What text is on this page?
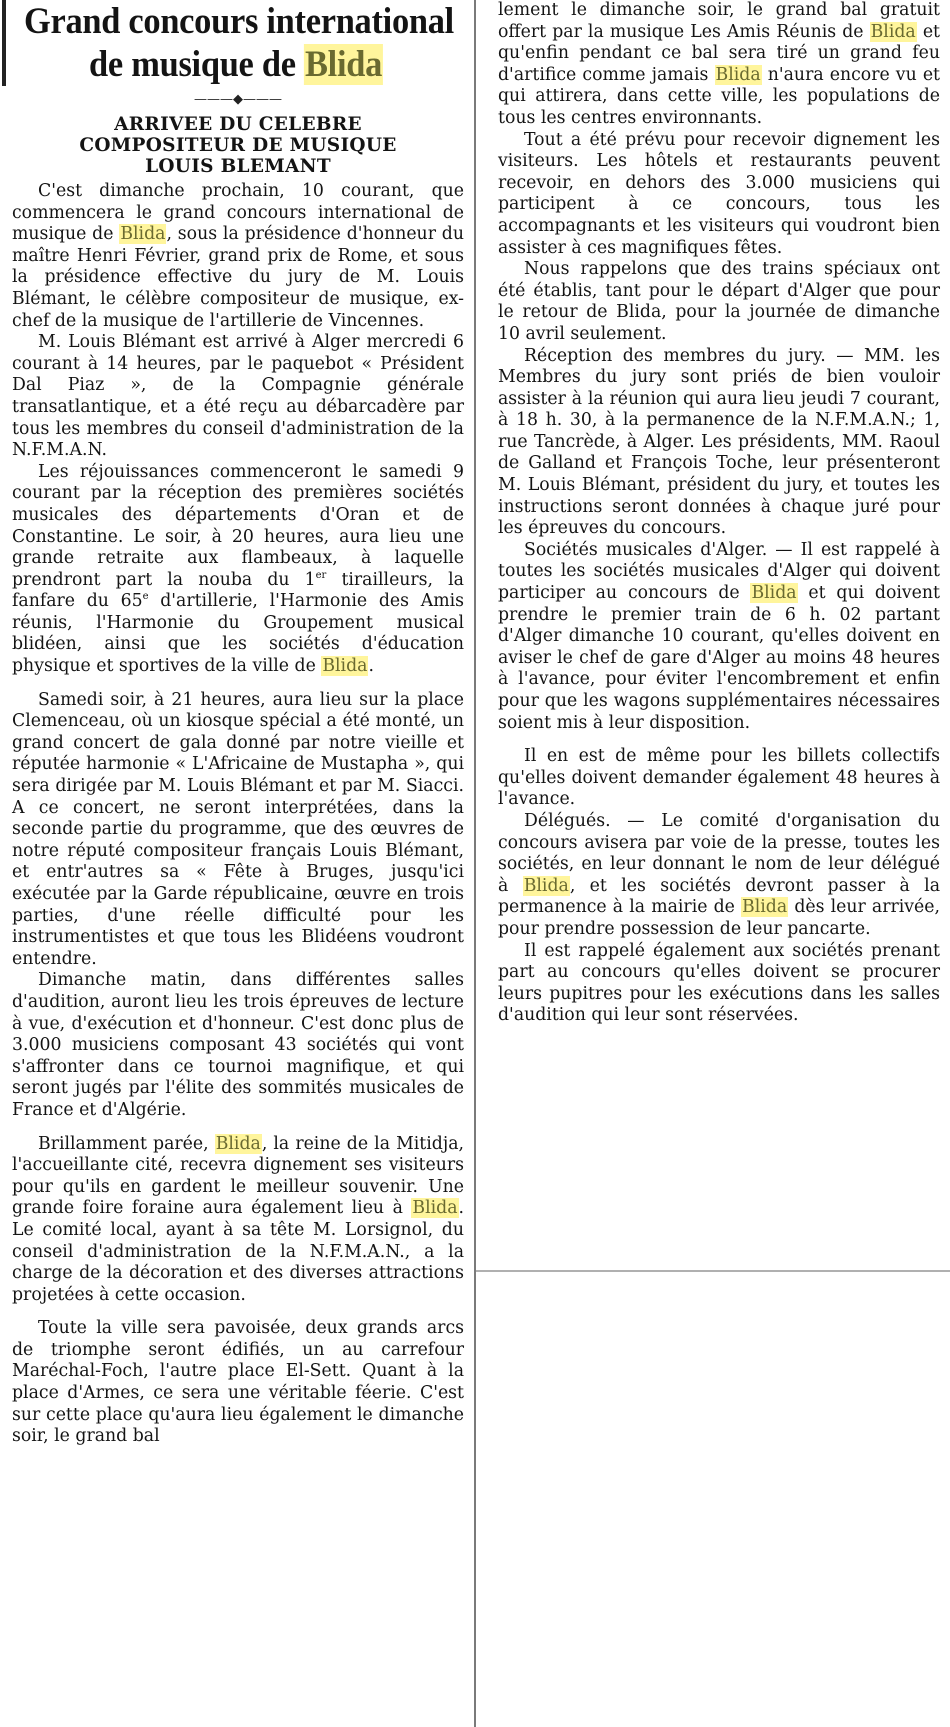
Grand concours international
de musique de Blida
———◆———
ARRIVEE DU CELEBRE
COMPOSITEUR DE MUSIQUE
LOUIS BLEMANT

C'est dimanche prochain, 10 courant, que commencera le grand concours international de musique de Blida, sous la présidence d'honneur du maître Henri Février, grand prix de Rome, et sous la présidence effective du jury de M. Louis Blémant, le célèbre compositeur de musique, ex-chef de la musique de l'artillerie de Vincennes.

M. Louis Blémant est arrivé à Alger mercredi 6 courant à 14 heures, par le paquebot « Président Dal Piaz », de la Compagnie générale transatlantique, et a été reçu au débarcadère par tous les membres du conseil d'administration de la N.F.M.A.N.

Les réjouissances commenceront le samedi 9 courant par la réception des premières sociétés musicales des départements d'Oran et de Constantine. Le soir, à 20 heures, aura lieu une grande retraite aux flambeaux, à laquelle prendront part la nouba du 1er tirailleurs, la fanfare du 65e d'artillerie, l'Harmonie des Amis réunis, l'Harmonie du Groupement musical blidéen, ainsi que les sociétés d'éducation physique et sportives de la ville de Blida.

Samedi soir, à 21 heures, aura lieu sur la place Clemenceau, où un kiosque spécial a été monté, un grand concert de gala donné par notre vieille et réputée harmonie « L'Africaine de Mustapha », qui sera dirigée par M. Louis Blémant et par M. Siacci. A ce concert, ne seront interprétées, dans la seconde partie du programme, que des œuvres de notre réputé compositeur français Louis Blémant, et entr'autres sa « Fête à Bruges, jusqu'ici exécutée par la Garde républicaine, œuvre en trois parties, d'une réelle difficulté pour les instrumentistes et que tous les Blidéens voudront entendre.

Dimanche matin, dans différentes salles d'audition, auront lieu les trois épreuves de lecture à vue, d'exécution et d'honneur. C'est donc plus de 3.000 musiciens composant 43 sociétés qui vont s'affronter dans ce tournoi magnifique, et qui seront jugés par l'élite des sommités musicales de France et d'Algérie.

Brillamment parée, Blida, la reine de la Mitidja, l'accueillante cité, recevra dignement ses visiteurs pour qu'ils en gardent le meilleur souvenir. Une grande foire foraine aura également lieu à Blida. Le comité local, ayant à sa tête M. Lorsignol, du conseil d'administration de la N.F.M.A.N., a la charge de la décoration et des diverses attractions projetées à cette occasion.

Toute la ville sera pavoisée, deux grands arcs de triomphe seront édifiés, un au carrefour Maréchal-Foch, l'autre place El-Sett. Quant à la place d'Armes, ce sera une véritable féerie. C'est sur cette place qu'aura lieu également le dimanche soir, le grand bal

lement le dimanche soir, le grand bal gratuit offert par la musique Les Amis Réunis de Blida et qu'enfin pendant ce bal sera tiré un grand feu d'artifice comme jamais Blida n'aura encore vu et qui attirera, dans cette ville, les populations de tous les centres environnants.

Tout a été prévu pour recevoir dignement les visiteurs. Les hôtels et restaurants peuvent recevoir, en dehors des 3.000 musiciens qui participent à ce concours, tous les accompagnants et les visiteurs qui voudront bien assister à ces magnifiques fêtes.

Nous rappelons que des trains spéciaux ont été établis, tant pour le départ d'Alger que pour le retour de Blida, pour la journée de dimanche 10 avril seulement.

Réception des membres du jury. — MM. les Membres du jury sont priés de bien vouloir assister à la réunion qui aura lieu jeudi 7 courant, à 18 h. 30, à la permanence de la N.F.M.A.N.; 1, rue Tancrède, à Alger. Les présidents, MM. Raoul de Galland et François Toche, leur présenteront M. Louis Blémant, président du jury, et toutes les instructions seront données à chaque juré pour les épreuves du concours.

Sociétés musicales d'Alger. — Il est rappelé à toutes les sociétés musicales d'Alger qui doivent participer au concours de Blida et qui doivent prendre le premier train de 6 h. 02 partant d'Alger dimanche 10 courant, qu'elles doivent en aviser le chef de gare d'Alger au moins 48 heures à l'avance, pour éviter l'encombrement et enfin pour que les wagons supplémentaires nécessaires soient mis à leur disposition.

Il en est de même pour les billets collectifs qu'elles doivent demander également 48 heures à l'avance.

Délégués. — Le comité d'organisation du concours avisera par voie de la presse, toutes les sociétés, en leur donnant le nom de leur délégué à Blida, et les sociétés devront passer à la permanence à la mairie de Blida dès leur arrivée, pour prendre possession de leur pancarte.

Il est rappelé également aux sociétés prenant part au concours qu'elles doivent se procurer leurs pupitres pour les exécutions dans les salles d'audition qui leur sont réservées.
